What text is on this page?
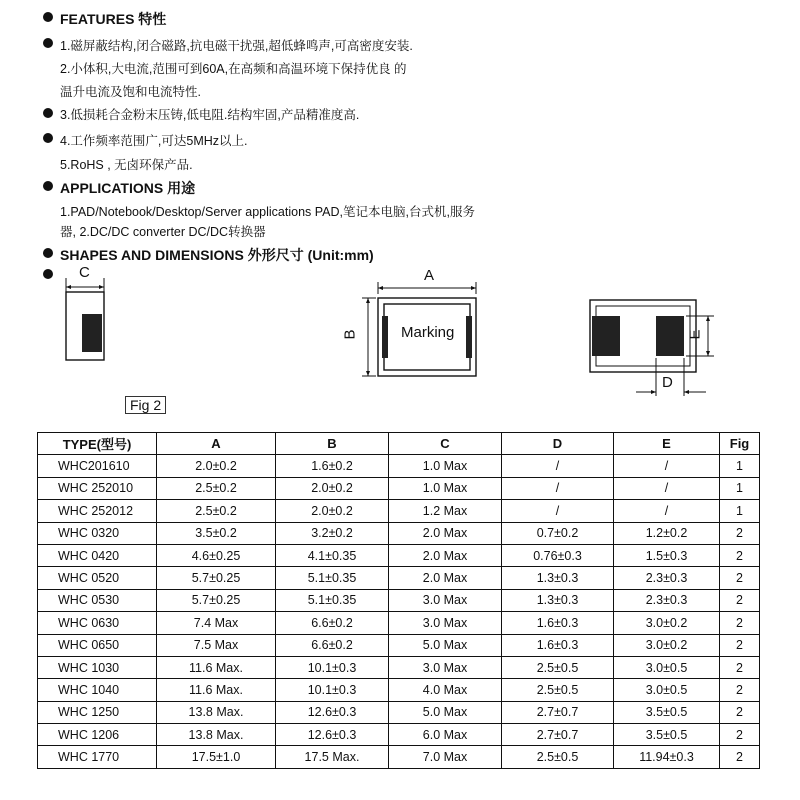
FEATURES 特性
1.磁屏蔽结构,闭合磁路,抗电磁干扰强,超低蜂鸣声,可高密度安装.
2.小体积,大电流,范围可到60A,在高频和高温环境下保持优良 的
温升电流及饱和电流特性.
3.低损耗合金粉末压铸,低电阻.结构牢固,产品精准度高.
4.工作频率范围广,可达5MHz以上.
5.RoHS , 无卤环保产品.
APPLICATIONS 用途
1.PAD/Notebook/Desktop/Server applications PAD,笔记本电脑,台式机,服务
器, 2.DC/DC converter DC/DC转换器
SHAPES AND DIMENSIONS 外形尺寸 (Unit:mm)
C	A
B	Marking	E
D
Fig 2
TYPE(型号)	A	B	C	D	E	Fig
WHC201610	2.0±0.2	1.6±0.2	1.0 Max	/	/	1
WHC 252010	2.5±0.2	2.0±0.2	1.0 Max	/	/	1
WHC 252012	2.5±0.2	2.0±0.2	1.2 Max	/	/	1
WHC 0320	3.5±0.2	3.2±0.2	2.0 Max	0.7±0.2	1.2±0.2	2
WHC 0420	4.6±0.25	4.1±0.35	2.0 Max	0.76±0.3	1.5±0.3	2
WHC 0520	5.7±0.25	5.1±0.35	2.0 Max	1.3±0.3	2.3±0.3	2
WHC 0530	5.7±0.25	5.1±0.35	3.0 Max	1.3±0.3	2.3±0.3	2
WHC 0630	7.4 Max	6.6±0.2	3.0 Max	1.6±0.3	3.0±0.2	2
WHC 0650	7.5 Max	6.6±0.2	5.0 Max	1.6±0.3	3.0±0.2	2
WHC 1030	11.6 Max.	10.1±0.3	3.0 Max	2.5±0.5	3.0±0.5	2
WHC 1040	11.6 Max.	10.1±0.3	4.0 Max	2.5±0.5	3.0±0.5	2
WHC 1250	13.8 Max.	12.6±0.3	5.0 Max	2.7±0.7	3.5±0.5	2
WHC 1206	13.8 Max.	12.6±0.3	6.0 Max	2.7±0.7	3.5±0.5	2
WHC 1770	17.5±1.0	17.5 Max.	7.0 Max	2.5±0.5	11.94±0.3	2
